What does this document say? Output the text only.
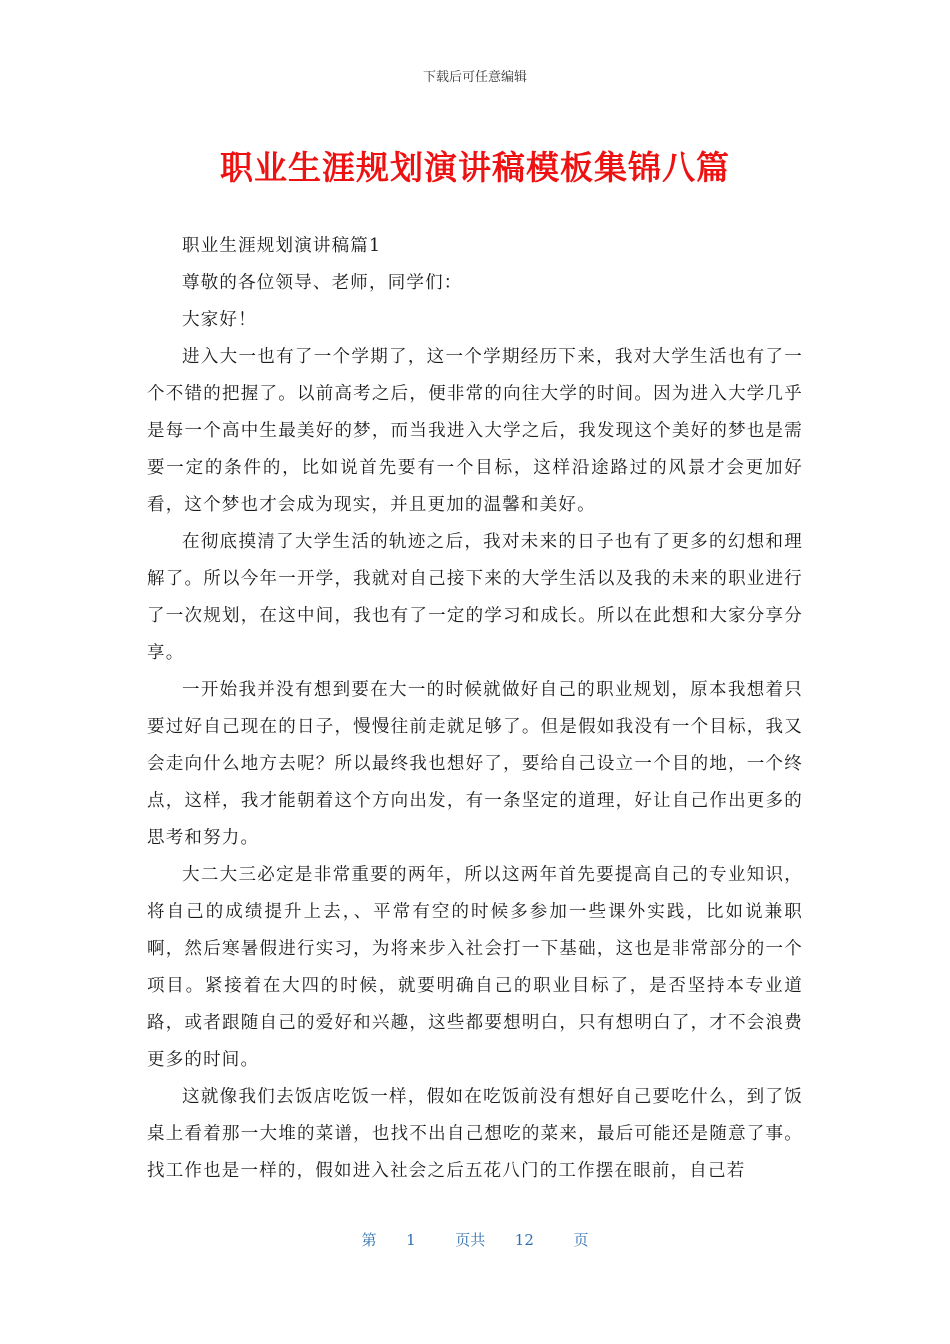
下载后可任意编辑
职业生涯规划演讲稿模板集锦八篇

职业生涯规划演讲稿篇1

尊敬的各位领导、老师，同学们：

大家好！

进入大一也有了一个学期了，这一个学期经历下来，我对大学生活也有了一个不错的把握了。以前高考之后，便非常的向往大学的时间。因为进入大学几乎是每一个高中生最美好的梦，而当我进入大学之后，我发现这个美好的梦也是需要一定的条件的，比如说首先要有一个目标，这样沿途路过的风景才会更加好看，这个梦也才会成为现实，并且更加的温馨和美好。

在彻底摸清了大学生活的轨迹之后，我对未来的日子也有了更多的幻想和理解了。所以今年一开学，我就对自己接下来的大学生活以及我的未来的职业进行了一次规划，在这中间，我也有了一定的学习和成长。所以在此想和大家分享分享。

一开始我并没有想到要在大一的时候就做好自己的职业规划，原本我想着只要过好自己现在的日子，慢慢往前走就足够了。但是假如我没有一个目标，我又会走向什么地方去呢？所以最终我也想好了，要给自己设立一个目的地，一个终点，这样，我才能朝着这个方向出发，有一条坚定的道理，好让自己作出更多的思考和努力。

大二大三必定是非常重要的两年，所以这两年首先要提高自己的专业知识，将自己的成绩提升上去，、平常有空的时候多参加一些课外实践，比如说兼职啊，然后寒暑假进行实习，为将来步入社会打一下基础，这也是非常部分的一个项目。紧接着在大四的时候，就要明确自己的职业目标了，是否坚持本专业道路，或者跟随自己的爱好和兴趣，这些都要想明白，只有想明白了，才不会浪费更多的时间。

这就像我们去饭店吃饭一样，假如在吃饭前没有想好自己要吃什么，到了饭桌上看着那一大堆的菜谱，也找不出自己想吃的菜来，最后可能还是随意了事。找工作也是一样的，假如进入社会之后五花八门的工作摆在眼前，自己若

第 1	页共 12	页
